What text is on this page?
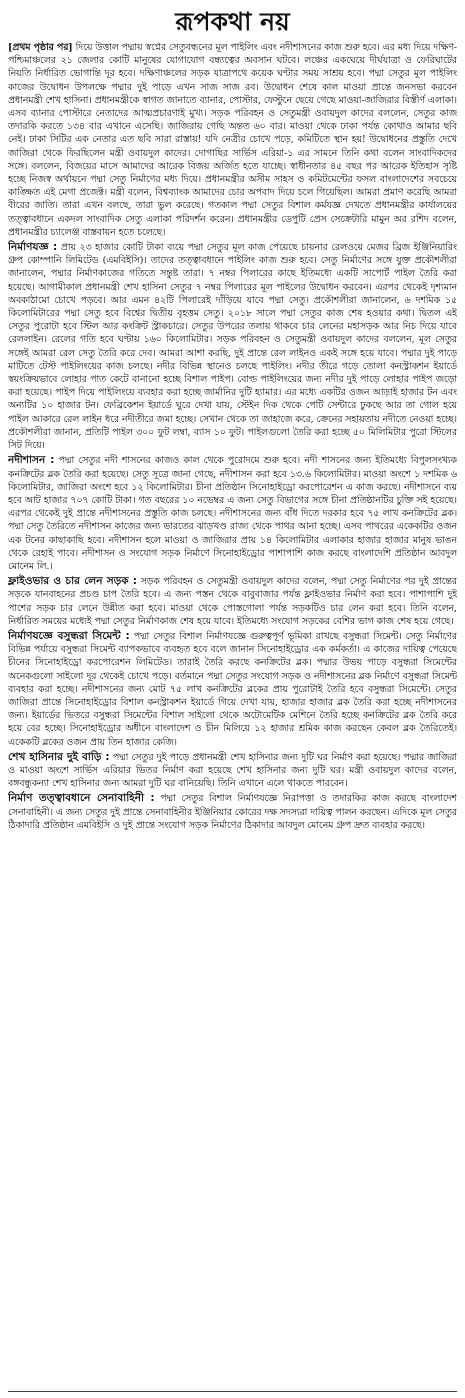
রূপকথা নয়

[প্রথম পৃষ্ঠার পর] দিয়ে উত্তাল পদ্মায় স্বপ্নের সেতুবন্ধনের মূল পাইলিং এবং নদীশাসনের কাজ শুরু হবে। এর মধ্য দিয়ে দক্ষিণ-পশ্চিমাঞ্চলের ২১ জেলার কোটি মানুষের যোগাযোগ বন্ধ্যত্বের অবসান ঘটবে। লঞ্চের একঘেয়ে দীর্ঘযাত্রা ও ফেরিঘাটের নিয়তি নির্ধারিত ভোগান্তি দূর হবে। দক্ষিণাঞ্চলের সড়ক যাত্রাপথে কয়েক ঘণ্টার সময় সাশ্রয় হবে। পদ্মা সেতুর মূল পাইলিং কাজের উদ্বোধন উপলক্ষে পদ্মার দুই পাড়ে এখন সাজ সাজ রব। উদ্বোধন শেষে কাল মাওয়া প্রান্তে জনসভা করবেন প্রধানমন্ত্রী শেখ হাসিনা। প্রধানমন্ত্রীকে স্বাগত জানাতে ব্যানার, পোস্টার, ফেস্টুনে ছেয়ে গেছে মাওয়া-জাজিরার বিস্তীর্ণ এলাকা। এসব ব্যানার পোস্টারে নেতাদের আত্মপ্রচারণাই মুখ্য। সড়ক পরিবহন ও সেতুমন্ত্রী ওবায়দুল কাদের বললেন, সেতুর কাজ তদারকি করতে ১৩৪ বার এখানে এসেছি। জাজিরায় গেছি অন্তত ৬০ বার। মাওয়া থেকে ঢাকা পর্যন্ত কোথাও আমার ছবি নেই। ঢাকা সিটির এক নেতার এত ছবি সারা রাস্তায়! যদি নেত্রীর চোখে পড়ে, কমিটিতে স্থান হয়! উদ্বোধনের প্রস্তুতি দেখে জাজিরা থেকে ফিরছিলেন মন্ত্রী ওবায়দুল কাদের। দোগাছির সার্ভিস এরিয়া-১ এর সামনে তিনি কথা বলেন সাংবাদিকদের সঙ্গে। বললেন, বিজয়ের মাসে আমাদের আরেক বিজয় অর্জিত হতে যাচ্ছে। স্বাধীনতার ৪৫ বছর পর আরেক ইতিহাস সৃষ্টি হচ্ছে নিজস্ব অর্থায়নে পদ্মা সেতু নির্মাণের মধ্য দিয়ে। প্রধানমন্ত্রীর অসীম সাহস ও কমিটমেন্টের ফসল বাংলাদেশের সবচেয়ে কাঙ্ক্ষিত এই মেগা প্রজেক্ট। মন্ত্রী বলেন, বিশ্বব্যাংক আমাদের চোর অপবাদ দিয়ে চলে গিয়েছিল। আমরা প্রমাণ করেছি আমরা বীরের জাতি। তারা এখন বলছে, তারা ভুল করেছে। গতকাল পদ্মা সেতুর বিশাল কর্মযজ্ঞ দেখতে প্রধানমন্ত্রীর কার্যালয়ের তত্ত্বাবধানে একদল সাংবাদিক সেতু এলাকা পরিদর্শন করেন। প্রধানমন্ত্রীর ডেপুটি প্রেস সেক্রেটারি মামুন অর রশিদ বলেন, প্রধানমন্ত্রীর চ্যালেঞ্জ বাস্তবায়ন হতে চলেছে।

নির্মাণযজ্ঞ : প্রায় ২৩ হাজার কোটি টাকা ব্যয়ে পদ্মা সেতুর মূল কাজ পেয়েছে চায়নার রেলওয়ে মেজর ব্রিজ ইঞ্জিনিয়ারিং গ্রুপ কোম্পানি লিমিটেড (এমবিইসি)। তাদের তত্ত্বাবধানে পাইলিং কাজ শুরু হবে। সেতু নির্মাণের সঙ্গে যুক্ত প্রকৌশলীরা জানালেন, পদ্মার নির্মাণকাজের গতিতে সন্তুষ্ট তারা। ৭ নম্বর পিলারের কাছে ইতিমধ্যে একটি সাপোর্ট পাইল তৈরি করা হয়েছে। আগামীকাল প্রধানমন্ত্রী শেখ হাসিনা সেতুর ৭ নম্বর পিলারের মূল পাইলের উদ্বোধন করবেন। এরপর থেকেই দৃশ্যমান অবকাঠামো চোখে পড়বে। আর এমন ৪২টি পিলারেই দাঁড়িয়ে যাবে পদ্মা সেতু। প্রকৌশলীরা জানালেন, ৬ দশমিক ১৫ কিলোমিটারের পদ্মা সেতু হবে বিশ্বের দ্বিতীয় বৃহত্তম সেতু। ২০১৮ সালে পদ্মা সেতুর কাজ শেষ হওয়ার কথা। দ্বিতল এই সেতুর পুরোটা হবে স্টিল আর কংক্রিট স্ট্রাকচারে। সেতুর উপরের তলায় থাকবে চার লেনের মহাসড়ক আর নিচ দিয়ে যাবে রেললাইন। রেলের গতি হবে ঘণ্টায় ১৬০ কিলোমিটার। সড়ক পরিবহন ও সেতুমন্ত্রী ওবায়দুল কাদের বললেন, মূল সেতুর সঙ্গেই আমরা রেল সেতু তৈরি করে দেব। আমরা আশা করছি, দুই প্রান্তে রেল লাইনও একই সঙ্গে হয়ে যাবে। পদ্মার দুই পাড়ে মাটিতে টেস্ট পাইলিংয়ের কাজ চলছে। নদীর বিভিন্ন স্থানেও চলছে পাইলিং। নদীর তীরে গড়ে তোলা কনস্ট্রাকশন ইয়ার্ডে স্বয়ংক্রিয়ভাবে লোহার পাত কেটে বানানো হচ্ছে বিশাল পাইপ। বোল্ড পাইলিংয়ের জন্য নদীর দুই পাড়ে লোহার পাইপ জড়ো করা হয়েছে। পাইপ দিয়ে পাইলিংয়ে ব্যবহার করা হচ্ছে জার্মানির দুটি হ্যামার। এর মধ্যে একটির ওজন আড়াই হাজার টন এবং অন্যটির ১০ হাজার টন। ফেব্রিকেশন ইয়ার্ডে ঘুরে দেখা যায়, স্টেইন দিক থেকে পেটি সেন্টারে ঢুকছে আর তা গোল হয়ে পাইল আকারে রেল লাইন ধরে নদীতীরে জমা হচ্ছে। সেখান থেকে তা জাহাজে করে, ক্রেনের সহায়তায় নদীতে নেওয়া হচ্ছে। প্রকৌশলীরা জানান, প্রতিটি পাইল ৩০০ ফুট লম্বা, ব্যাস ১০ ফুট। পাইলগুলো তৈরি করা হচ্ছে ৫০ মিলিমিটার পুরো স্টিলের সিট দিয়ে।

নদীশাসন : পদ্মা সেতুর নদী শাসনের কাজও কাল থেকে পুরোদমে শুরু হবে। নদী শাসনের জন্য ইতিমধ্যে বিপুলসংখ্যক কনক্রিটের ব্লক তৈরি করা হয়েছে। সেতু সূত্রে জানা গেছে, নদীশাসন করা হবে ১৩.৬ কিলোমিটার। মাওয়া অংশে ১ দশমিক ৬ কিলোমিটার, জাজিরা অংশে হবে ১২ কিলোমিটার। চীনা প্রতিষ্ঠান সিনোহাইড্রো করপোরেশন এ কাজ করছে। নদীশাসনে ব্যয় হবে আট হাজার ৭০৭ কোটি টাকা। গত বছরের ১০ নভেম্বর এ জন্য সেতু বিভাগের সঙ্গে চীনা প্রতিষ্ঠানটির চুক্তি সই হয়েছে। এরপর থেকেই দুই প্রান্তে নদীশাসনের প্রস্তুতি কাজ চলছে। নদীশাসনের জন্য বাঁধ দিতে দরকার হবে ৭৫ লাখ কনক্রিটের ব্লক। পদ্মা সেতু তৈরিতে নদীশাসন কাজের জন্য ভারতের ঝাড়খণ্ড রাজ্য থেকে পাথর আনা হচ্ছে। এসব পাথরের একেকটির ওজন এক টনের কাছাকাছি হবে। নদীশাসন হলে মাওয়া ও জাজিরার প্রায় ১৪ কিলোমিটার এলাকার হাজার হাজার মানুষ ভাঙন থেকে রেহাই পাবে। নদীশাসন ও সংযোগ সড়ক নির্মাণে সিনোহাইড্রোর পাশাপাশি কাজ করছে বাংলাদেশি প্রতিষ্ঠান আবদুল মোনেম লি.।

ফ্লাইওভার ও চার লেন সড়ক : সড়ক পরিবহন ও সেতুমন্ত্রী ওবায়দুল কাদের বলেন, পদ্মা সেতু নির্মাণের পর দুই প্রান্তের সড়কে যানবাহনের প্রচণ্ড চাপ তৈরি হবে। এ জন্য পস্তন থেকে বাবুবাজার পর্যন্ত ফ্লাইওভার নির্মাণ করা হবে। পাশাপাশি দুই পাশের সড়ক চার লেনে উন্নীত করা হবে। মাওয়া থেকে পোস্তগোলা পর্যন্ত সড়কটিও চার লেন করা হবে। তিনি বলেন, নির্ধারিত সময়ের মধ্যেই পদ্মা সেতুর নির্মাণকাজ শেষ হয়ে যাবে। ইতিমধ্যে সংযোগ সড়কের বেশির ভাগ কাজ শেষ হয়ে গেছে।

নির্মাণযজ্ঞে বসুন্ধরা সিমেন্ট : পদ্মা সেতুর বিশাল নির্মাণযজ্ঞে গুরুত্বপূর্ণ ভূমিকা রাখছে বসুন্ধরা সিমেন্ট। সেতু নির্মাণের বিভিন্ন পর্যায়ে বসুন্ধরা সিমেন্ট ব্যাপকভাবে ব্যবহৃত হবে বলে জানান সিনোহাইড্রোর এক কর্মকর্তা। এ কাজের দায়িত্ব পেয়েছে চীনের সিনোহাইড্রো করপোরেশন লিমিটেড। তারাই তৈরি করছে কনক্রিটের ব্লক। পদ্মার উভয় পাড়ে বসুন্ধরা সিমেন্টের অনেকগুলো সাইলো দূর থেকেই চোখে পড়ে। বর্তমানে পদ্মা সেতুর সংযোগ সড়ক ও নদীশাসনের ব্লক নির্মাণে বসুন্ধরা সিমেন্ট ব্যবহার করা হচ্ছে। নদীশাসনের জন্য মোট ৭৫ লাখ কনক্রিটের ব্লকের প্রায় পুরোটাই তৈরি হবে বসুন্ধরা সিমেন্টে। সেতুর জাজিরা প্রান্তে সিনোহাইড্রোর বিশাল কনস্ট্রাকশন ইয়ার্ডে গিয়ে দেখা যায়, হাজার হাজার ব্লক তৈরি করা হচ্ছে নদীশাসনের জন্য। ইয়ার্ডের ভিতরে বসুন্ধরা সিমেন্টের বিশাল সাইলো থেকে অটোমেটিক মেশিনে তৈরি হচ্ছে কনক্রিটের ব্লক তৈরি করে হয়ে বের হচ্ছে। সিনোহাইড্রোর অধীনে বাংলাদেশ ও চীন মিলিয়ে ১২ হাজার শ্রমিক কাজ করছেন কেবল ব্লক তৈরিতেই। একেকটি ব্লকের ওজন প্রায় তিন হাজার কেজি।

শেখ হাসিনার দুই বাড়ি : পদ্মা সেতুর দুই পাড়ে প্রধানমন্ত্রী শেখ হাসিনার জন্য দুটি ঘর নির্মাণ করা হয়েছে। পদ্মার জাজিরা ও মাওয়া অংশে সার্ভিস এরিয়ার ভিতর নির্মাণ করা হয়েছে শেখ হাসিনার জন্য দুটি ঘর। মন্ত্রী ওবায়দুল কাদের বলেন, বঙ্গবন্ধুকন্যা শেখ হাসিনার জন্য আমরা দুটি ঘর বানিয়েছি। তিনি এখানে এলে থাকতে পারবেন।

নির্মাণ তত্ত্বাবধানে সেনাবাহিনী : পদ্মা সেতুর বিশাল নির্মাণযজ্ঞে নিরাপত্তা ও তদারকির কাজ করছে বাংলাদেশ সেনাবাহিনী। এ জন্য সেতুর দুই প্রান্তে সেনাবাহিনীর ইঞ্জিনিয়ার কোরের দক্ষ সদস্যরা দায়িত্ব পালন করছেন। এদিকে মূল সেতুর ঠিকাদারি প্রতিষ্ঠান এমবিইসি ও দুই প্রান্তে সংযোগ সড়ক নির্মাণের ঠিকাদার আবদুল মোনেম গ্রুপ দ্রুত ব্যবহার করছে।
